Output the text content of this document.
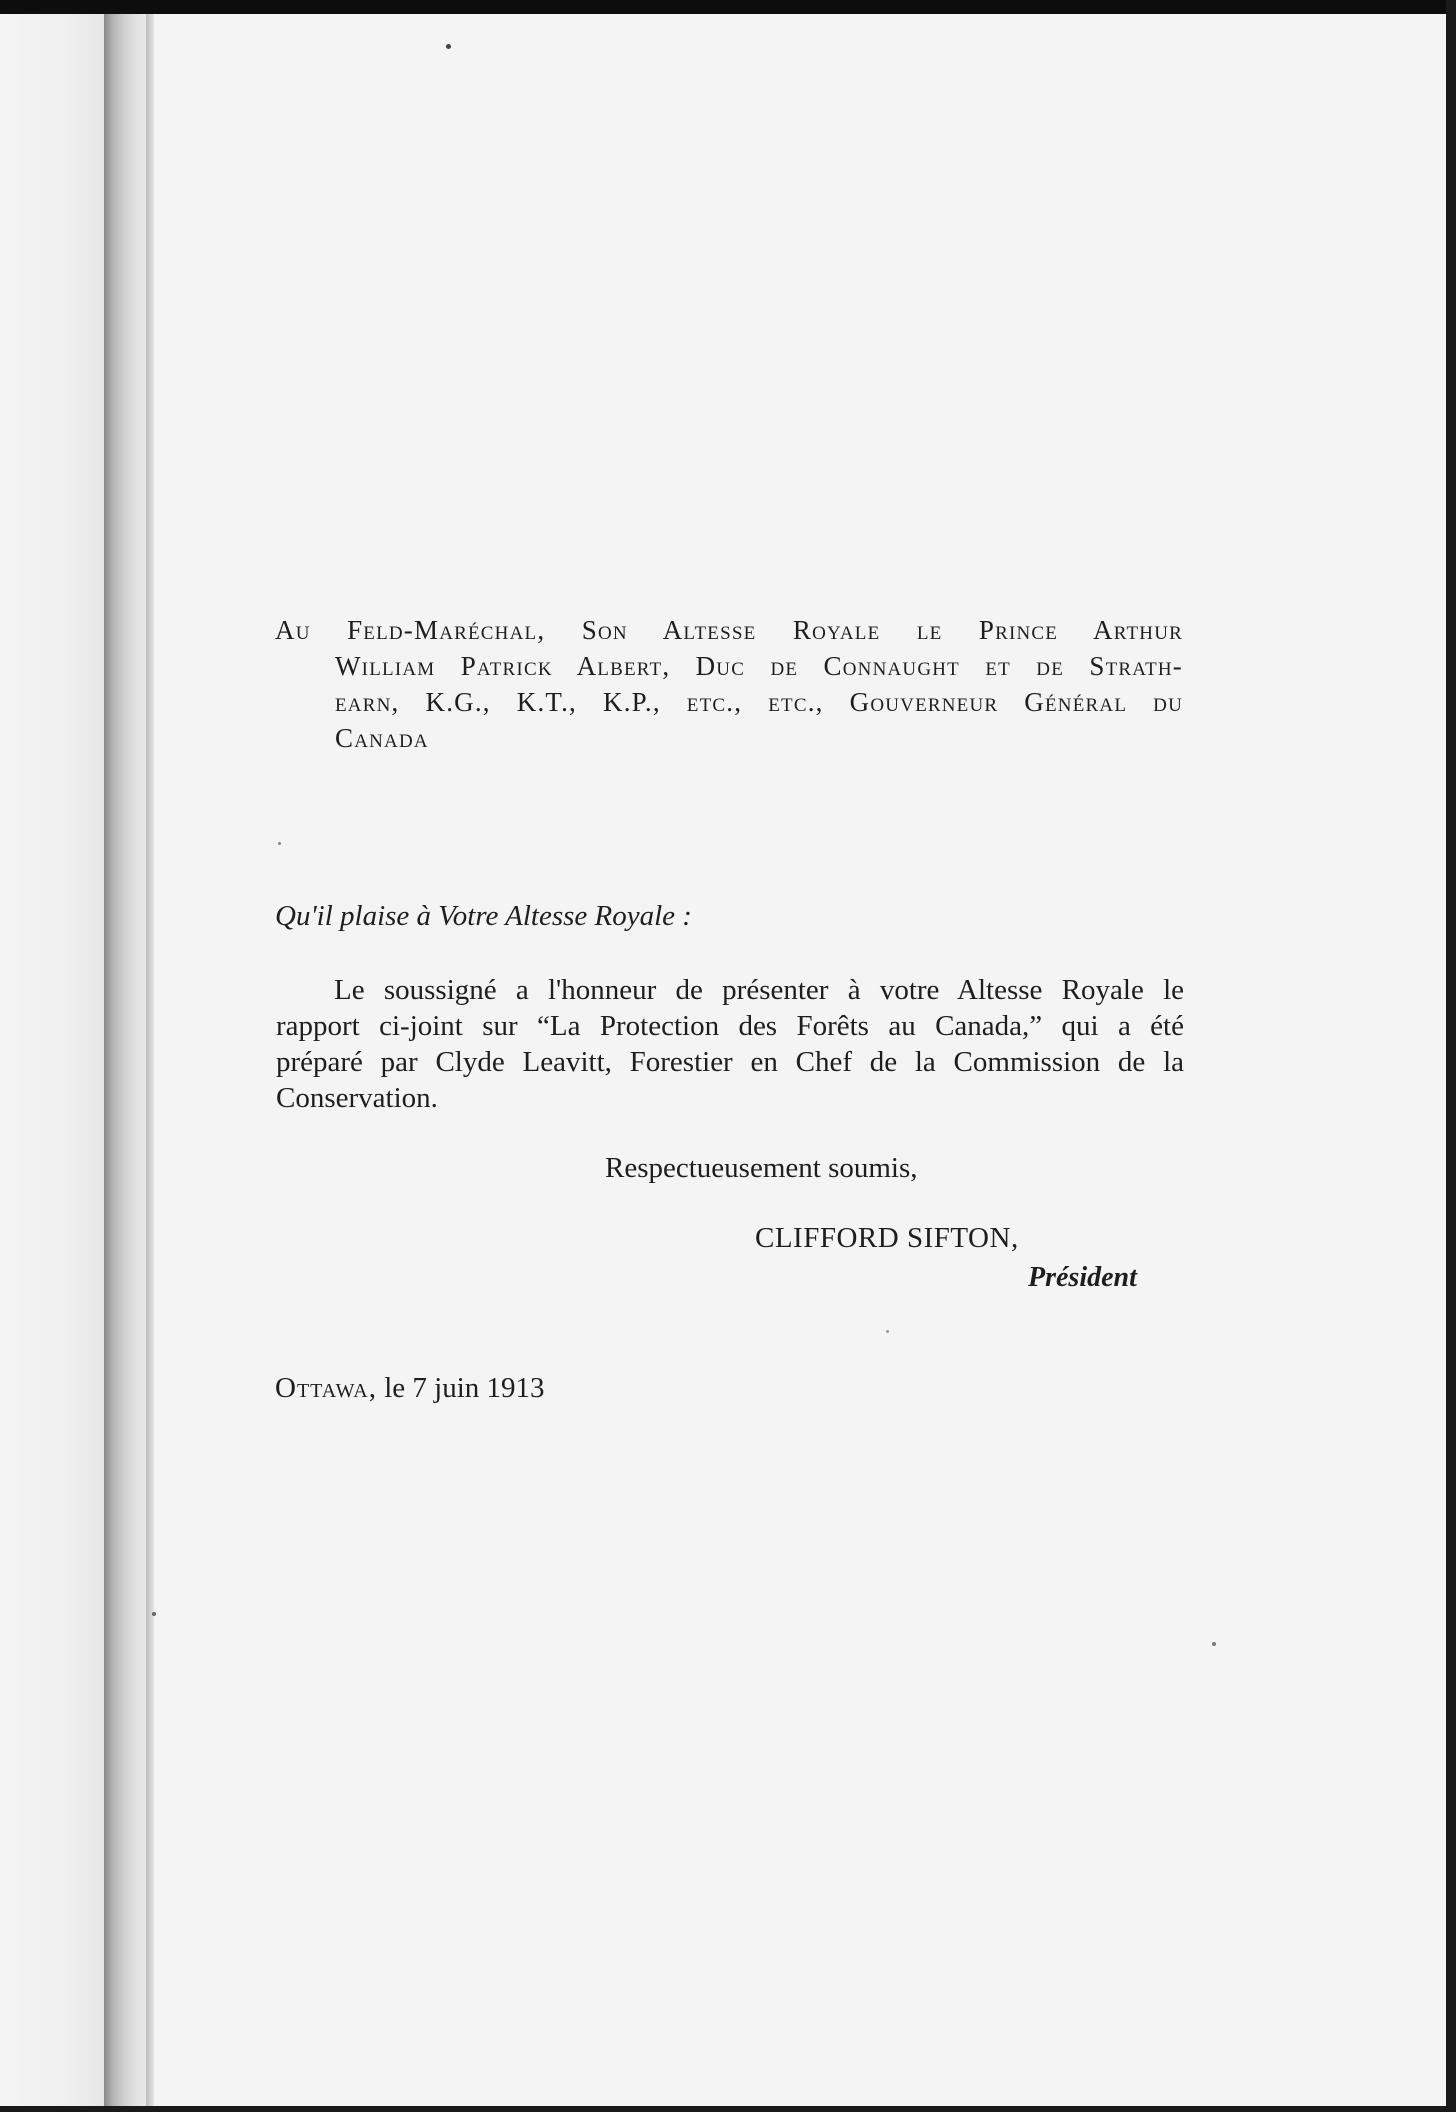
Au Feld-Maréchal, Son Altesse Royale le Prince Arthur
William Patrick Albert, Duc de Connaught et de Strath-
earn, K.G., K.T., K.P., etc., etc., Gouverneur Général du
Canada
Qu'il plaise à Votre Altesse Royale :
Le soussigné a l'honneur de présenter à votre Altesse Royale le
rapport ci-joint sur “La Protection des Forêts au Canada,” qui a été
préparé par Clyde Leavitt, Forestier en Chef de la Commission de la
Conservation.
Respectueusement soumis,
CLIFFORD SIFTON,
Président
Ottawa, le 7 juin 1913
